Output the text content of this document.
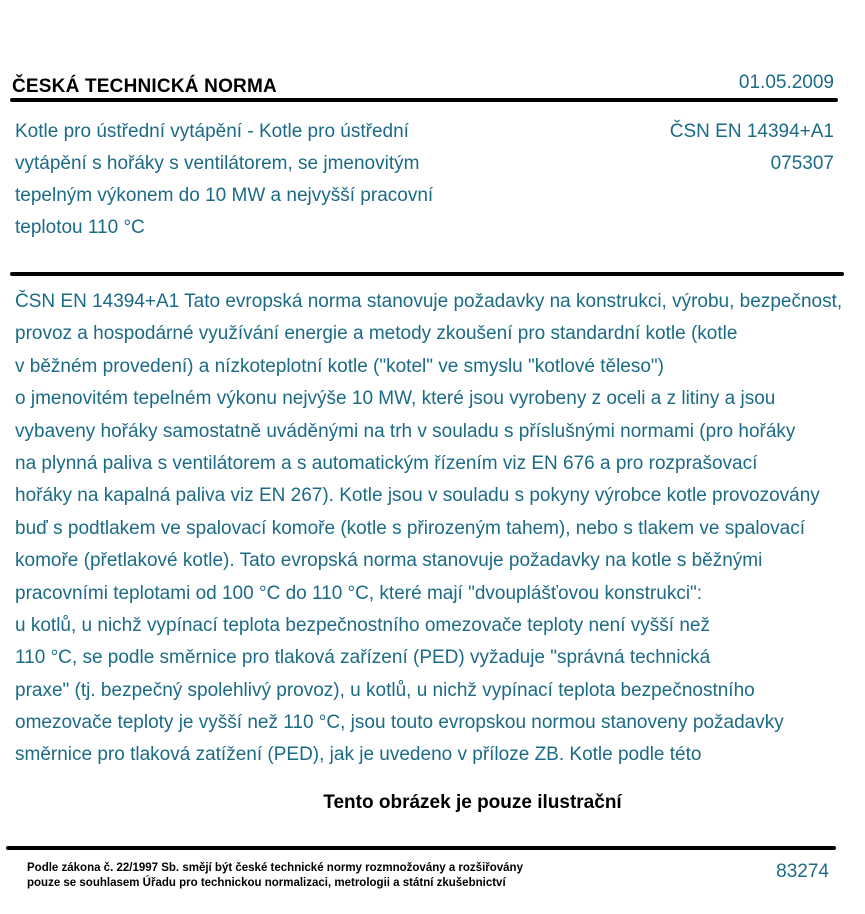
ČESKÁ TECHNICKÁ NORMA	01.05.2009
Kotle pro ústřední vytápění - Kotle pro ústřední
vytápění s hořáky s ventilátorem, se jmenovitým
tepelným výkonem do 10 MW a nejvyšší pracovní
teplotou 110 °C
ČSN EN 14394+A1
075307
ČSN EN 14394+A1 Tato evropská norma stanovuje požadavky na konstrukci, výrobu, bezpečnost,
provoz a hospodárné využívání energie a metody zkoušení pro standardní kotle (kotle
v běžném provedení) a nízkoteplotní kotle ("kotel" ve smyslu "kotlové těleso")
o jmenovitém tepelném výkonu nejvýše 10 MW, které jsou vyrobeny z oceli a z litiny a jsou
vybaveny hořáky samostatně uváděnými na trh v souladu s příslušnými normami (pro hořáky
na plynná paliva s ventilátorem a s automatickým řízením viz EN 676 a pro rozprašovací
hořáky na kapalná paliva viz EN 267). Kotle jsou v souladu s pokyny výrobce kotle provozovány
buď s podtlakem ve spalovací komoře (kotle s přirozeným tahem), nebo s tlakem ve spalovací
komoře (přetlakové kotle). Tato evropská norma stanovuje požadavky na kotle s běžnými
pracovními teplotami od 100 °C do 110 °C, které mají "dvouplášťovou konstrukci":
u kotlů, u nichž vypínací teplota bezpečnostního omezovače teploty není vyšší než
110 °C, se podle směrnice pro tlaková zařízení (PED) vyžaduje "správná technická
praxe" (tj. bezpečný spolehlivý provoz), u kotlů, u nichž vypínací teplota bezpečnostního
omezovače teploty je vyšší než 110 °C, jsou touto evropskou normou stanoveny požadavky
směrnice pro tlaková zatížení (PED), jak je uvedeno v příloze ZB. Kotle podle této
Tento obrázek je pouze ilustrační
Podle zákona č. 22/1997 Sb. smějí být české technické normy rozmnožovány a rozšiřovány
pouze se souhlasem Úřadu pro technickou normalizaci, metrologii a státní zkušebnictví
83274
